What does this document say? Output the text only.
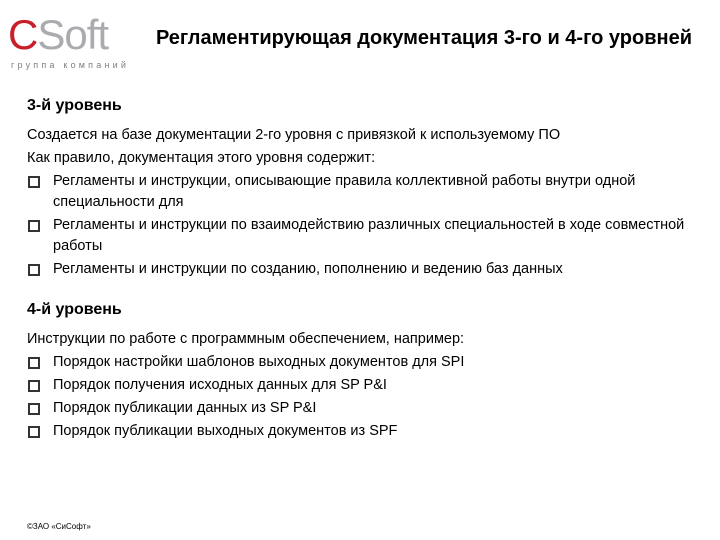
CSoft
группа компаний
Регламентирующая документация 3-го и 4-го уровней
3-й уровень
Создается на базе документации 2-го уровня с привязкой к используемому ПО
Как правило, документация этого уровня содержит:
Регламенты и инструкции, описывающие правила коллективной работы внутри одной специальности для
Регламенты и инструкции по взаимодействию различных специальностей в ходе совместной работы
Регламенты и инструкции по созданию, пополнению и ведению баз данных
4-й уровень
Инструкции по работе с программным обеспечением, например:
Порядок настройки шаблонов выходных документов для SPI
Порядок получения исходных данных для SP P&I
Порядок публикации данных из SP P&I
Порядок публикации выходных документов из SPF
©ЗАО «СиСофт»
